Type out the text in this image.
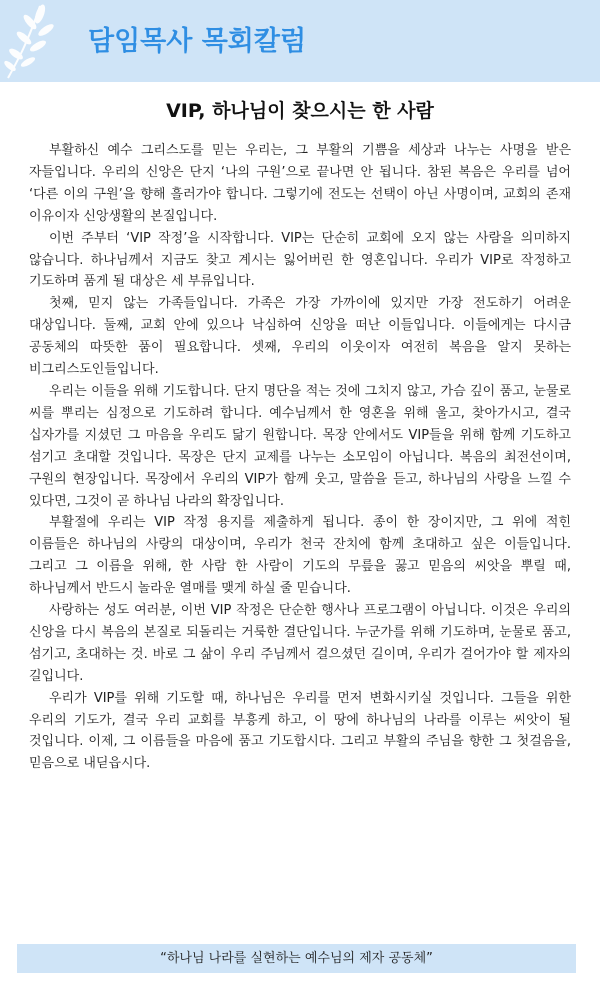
담임목사 목회칼럼
VIP, 하나님이 찾으시는 한 사람

부활하신 예수 그리스도를 믿는 우리는, 그 부활의 기쁨을 세상과 나누는 사명을 받은 자들입니다. 우리의 신앙은 단지 ‘나의 구원’으로 끝나면 안 됩니다. 참된 복음은 우리를 넘어 ‘다른 이의 구원’을 향해 흘러가야 합니다. 그렇기에 전도는 선택이 아닌 사명이며, 교회의 존재 이유이자 신앙생활의 본질입니다.

이번 주부터 ‘VIP 작정’을 시작합니다. VIP는 단순히 교회에 오지 않는 사람을 의미하지 않습니다. 하나님께서 지금도 찾고 계시는 잃어버린 한 영혼입니다. 우리가 VIP로 작정하고 기도하며 품게 될 대상은 세 부류입니다.

첫째, 믿지 않는 가족들입니다. 가족은 가장 가까이에 있지만 가장 전도하기 어려운 대상입니다. 둘째, 교회 안에 있으나 낙심하여 신앙을 떠난 이들입니다. 이들에게는 다시금 공동체의 따뜻한 품이 필요합니다. 셋째, 우리의 이웃이자 여전히 복음을 알지 못하는 비그리스도인들입니다.

우리는 이들을 위해 기도합니다. 단지 명단을 적는 것에 그치지 않고, 가슴 깊이 품고, 눈물로 씨를 뿌리는 심정으로 기도하려 합니다. 예수님께서 한 영혼을 위해 울고, 찾아가시고, 결국 십자가를 지셨던 그 마음을 우리도 닮기 원합니다. 목장 안에서도 VIP들을 위해 함께 기도하고 섬기고 초대할 것입니다. 목장은 단지 교제를 나누는 소모임이 아닙니다. 복음의 최전선이며, 구원의 현장입니다. 목장에서 우리의 VIP가 함께 웃고, 말씀을 듣고, 하나님의 사랑을 느낄 수 있다면, 그것이 곧 하나님 나라의 확장입니다.

부활절에 우리는 VIP 작정 용지를 제출하게 됩니다. 종이 한 장이지만, 그 위에 적힌 이름들은 하나님의 사랑의 대상이며, 우리가 천국 잔치에 함께 초대하고 싶은 이들입니다. 그리고 그 이름을 위해, 한 사람 한 사람이 기도의 무릎을 꿇고 믿음의 씨앗을 뿌릴 때, 하나님께서 반드시 놀라운 열매를 맺게 하실 줄 믿습니다.

사랑하는 성도 여러분, 이번 VIP 작정은 단순한 행사나 프로그램이 아닙니다. 이것은 우리의 신앙을 다시 복음의 본질로 되돌리는 거룩한 결단입니다. 누군가를 위해 기도하며, 눈물로 품고, 섬기고, 초대하는 것. 바로 그 삶이 우리 주님께서 걸으셨던 길이며, 우리가 걸어가야 할 제자의 길입니다.

우리가 VIP를 위해 기도할 때, 하나님은 우리를 먼저 변화시키실 것입니다. 그들을 위한 우리의 기도가, 결국 우리 교회를 부흥케 하고, 이 땅에 하나님의 나라를 이루는 씨앗이 될 것입니다. 이제, 그 이름들을 마음에 품고 기도합시다. 그리고 부활의 주님을 향한 그 첫걸음을, 믿음으로 내딛읍시다.

“하나님 나라를 실현하는 예수님의 제자 공동체”
